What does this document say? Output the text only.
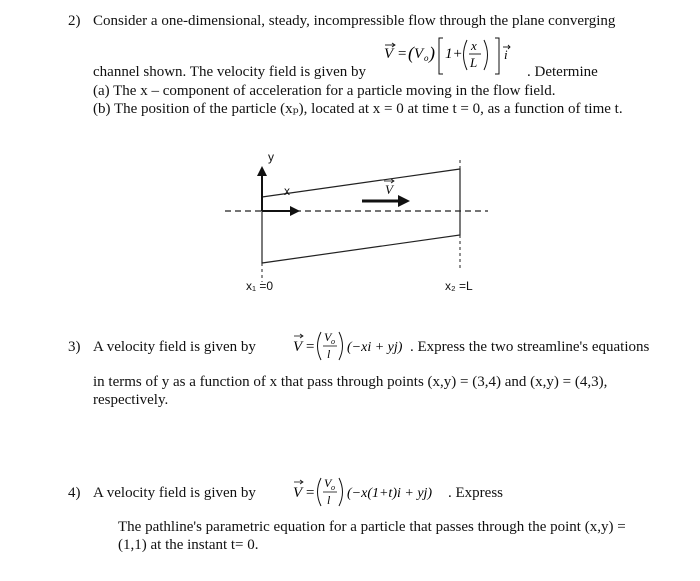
2) Consider a one-dimensional, steady, incompressible flow through the plane converging
V = ( V o ) 1+
x
L
i
channel shown. The velocity field is given by	. Determine
(a) The x – component of acceleration for a particle moving in the flow field.
(b) The position of the particle (xₚ), located at x = 0 at time t = 0, as a function of time t.
y
x	V
x₁ =0	x₂ =L
3) A velocity field is given by V =
V o
l (−xi + yj) . Express the two streamline's equations
in terms of y as a function of x that pass through points (x,y) = (3,4) and (x,y) = (4,3),
respectively.
4) A velocity field is given by V =
V o
l (−x(1+t)i + yj) . Express
The pathline's parametric equation for a particle that passes through the point (x,y) =
(1,1) at the instant t= 0.
